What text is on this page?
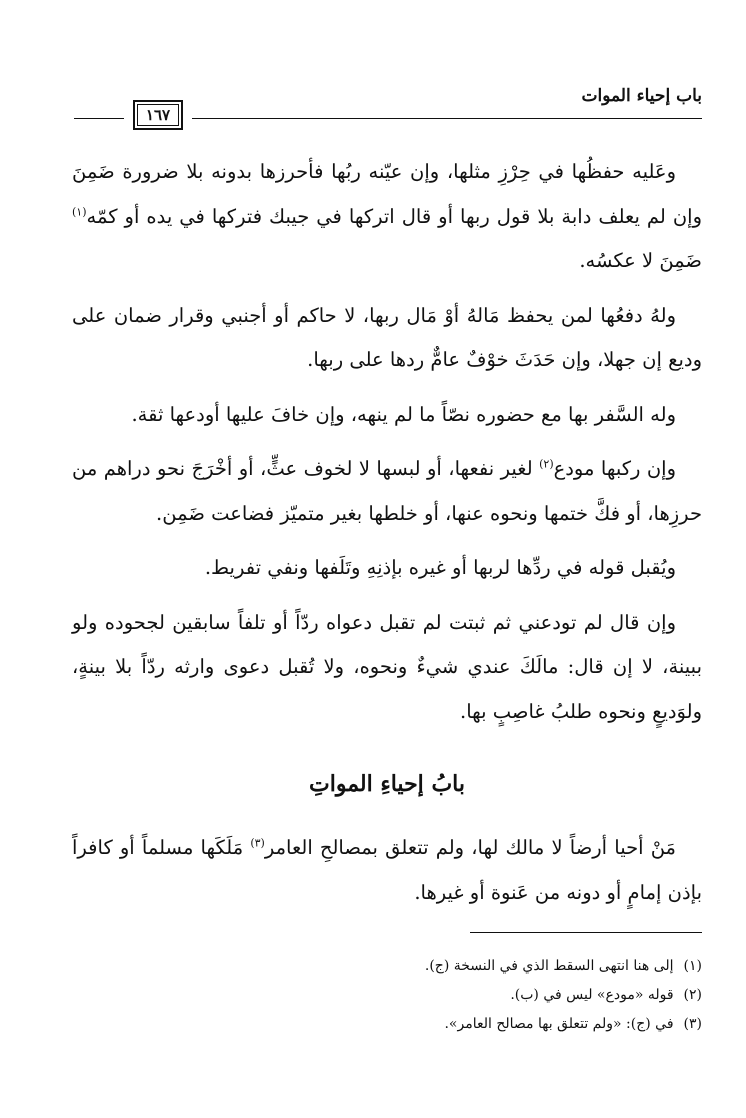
باب إحياء الموات
١٦٧

وعَليه حفظُها في حِرْزِ مثلها، وإن عيّنه ربُها فأحرزها بدونه بلا ضرورة ضَمِنَ وإن لم يعلف دابة بلا قول ربها أو قال اتركها في جيبك فتركها في يده أو كمّه$^{(١)}$ ضَمِنَ لا عكسُه.

ولهُ دفعُها لمن يحفظ مَالهُ أوْ مَال ربها، لا حاكم أو أجنبي وقرار ضمان على وديع إن جهلا، وإن حَدَثَ خوْفٌ عامٌّ ردها على ربها.

وله السَّفر بها مع حضوره نصّاً ما لم ينهه، وإن خافَ عليها أودعها ثقة.

وإن ركبها مودع$^{(٢)}$ لغير نفعها، أو لبسها لا لخوف عثٍّ، أو أخْرَجَ نحو دراهم من حرزِها، أو فكَّ ختمها ونحوه عنها، أو خلطها بغير متميّز فضاعت ضَمِن.

ويُقبل قوله في ردِّها لربها أو غيره بإذنِهِ وتَلَفها ونفي تفريط.

وإن قال لم تودعني ثم ثبتت لم تقبل دعواه ردّاً أو تلفاً سابقين لجحوده ولو ببينة، لا إن قال: مالَكَ عندي شيءٌ ونحوه، ولا تُقبل دعوى وارثه ردّاً بلا بينةٍ، ولوَديعٍ ونحوه طلبُ غاصِبٍ بها.

بابُ إحياءِ المواتِ

مَنْ أحيا أرضاً لا مالك لها، ولم تتعلق بمصالحِ العامر$^{(٣)}$ مَلَكَها مسلماً أو كافراً بإذن إمامٍ أو دونه من عَنوة أو غيرها.

(١)إلى هنا انتهى السقط الذي في النسخة (ج).

(٢)قوله «مودع» ليس في (ب).

(٣)في (ج): «ولم تتعلق بها مصالح العامر».
